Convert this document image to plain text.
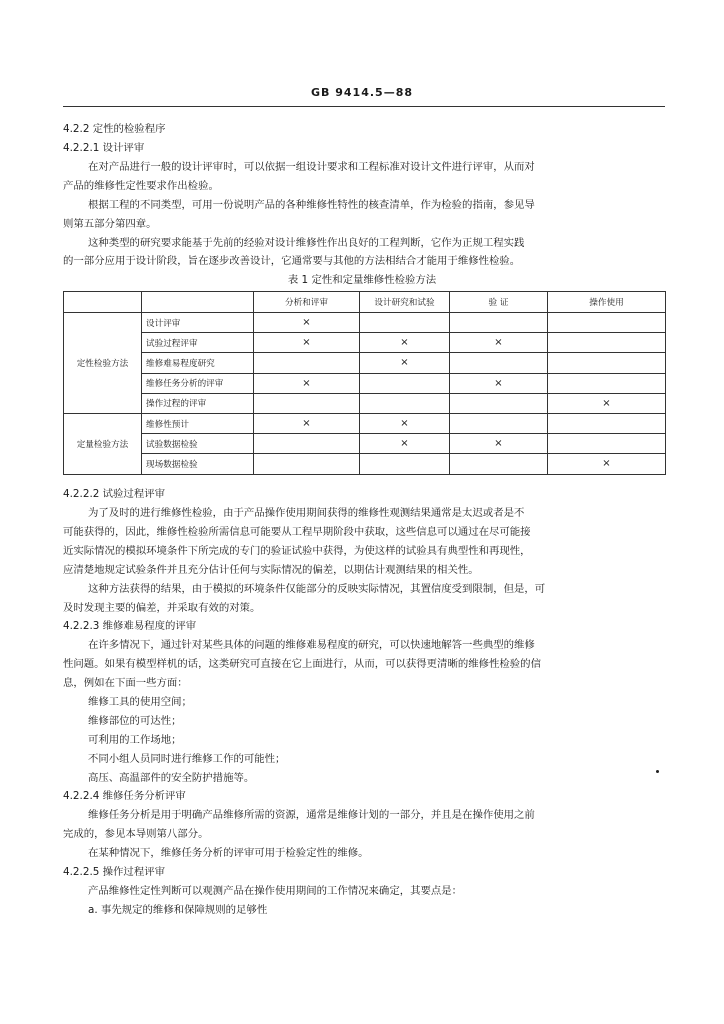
GB 9414.5—88
4.2.2 定性的检验程序
4.2.2.1 设计评审
在对产品进行一般的设计评审时，可以依据一组设计要求和工程标准对设计文件进行评审，从而对
产品的维修性定性要求作出检验。
根据工程的不同类型，可用一份说明产品的各种维修性特性的核查清单，作为检验的指南，参见导
则第五部分第四章。
这种类型的研究要求能基于先前的经验对设计维修性作出良好的工程判断，它作为正规工程实践
的一部分应用于设计阶段，旨在逐步改善设计，它通常要与其他的方法相结合才能用于维修性检验。
表 1 定性和定量维修性检验方法
		分析和评审	设计研究和试验	验 证	操作使用
定性检验方法	设计评审	×			
	试验过程评审	×	×	×	
	维修难易程度研究		×		
	维修任务分析的评审	×		×	
	操作过程的评审				×
定量检验方法	维修性预计	×	×		
	试验数据检验		×	×	
	现场数据检验				×
4.2.2.2 试验过程评审
为了及时的进行维修性检验，由于产品操作使用期间获得的维修性观测结果通常是太迟或者是不
可能获得的，因此，维修性检验所需信息可能要从工程早期阶段中获取，这些信息可以通过在尽可能接
近实际情况的模拟环境条件下所完成的专门的验证试验中获得，为使这样的试验具有典型性和再现性，
应清楚地规定试验条件并且充分估计任何与实际情况的偏差，以期估计观测结果的相关性。
这种方法获得的结果，由于模拟的环境条件仅能部分的反映实际情况，其置信度受到限制，但是，可
及时发现主要的偏差，并采取有效的对策。
4.2.2.3 维修难易程度的评审
在许多情况下，通过针对某些具体的问题的维修难易程度的研究，可以快速地解答一些典型的维修
性问题。如果有模型样机的话，这类研究可直接在它上面进行，从而，可以获得更清晰的维修性检验的信
息，例如在下面一些方面：
维修工具的使用空间；
维修部位的可达性；
可利用的工作场地；
不同小组人员同时进行维修工作的可能性；
高压、高温部件的安全防护措施等。
4.2.2.4 维修任务分析评审
维修任务分析是用于明确产品维修所需的资源，通常是维修计划的一部分，并且是在操作使用之前
完成的，参见本导则第八部分。
在某种情况下，维修任务分析的评审可用于检验定性的维修。
4.2.2.5 操作过程评审
产品维修性定性判断可以观测产品在操作使用期间的工作情况来确定，其要点是：
a. 事先规定的维修和保障规则的足够性
